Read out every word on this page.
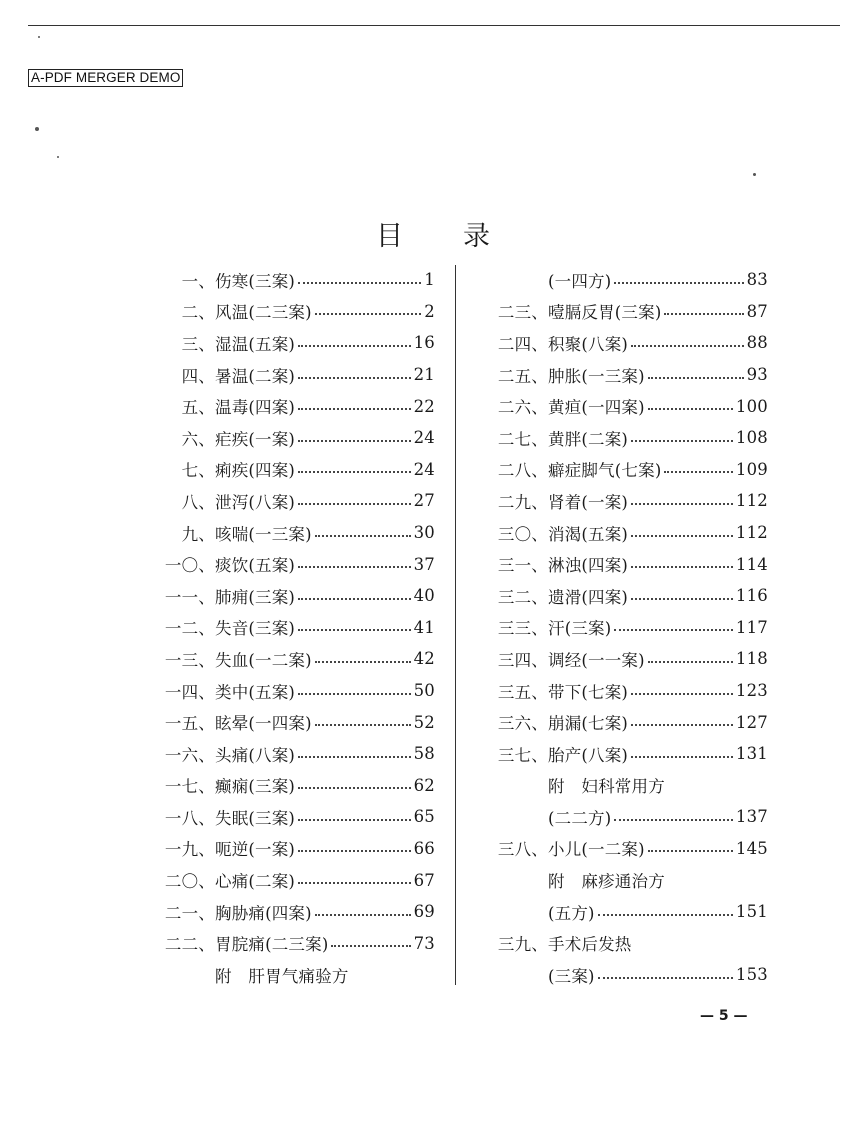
A-PDF MERGER DEMO
目录
一、 伤寒(三案)	1
二、 风温(二三案)	2
三、 湿温(五案)	16
四、 暑温(二案)	21
五、 温毒(四案)	22
六、 疟疾(一案)	24
七、 痢疾(四案)	24
八、 泄泻(八案)	27
九、 咳喘(一三案)	30
一〇、 痰饮(五案)	37
一一、 肺痈(三案)	40
一二、 失音(三案)	41
一三、 失血(一二案)	42
一四、 类中(五案)	50
一五、 眩晕(一四案)	52
一六、 头痛(八案)	58
一七、 癫痫(三案)	62
一八、 失眠(三案)	65
一九、 呃逆(一案)	66
二〇、 心痛(二案)	67
二一、 胸胁痛(四案)	69
二二、 胃脘痛(二三案)	73
附　肝胃气痛验方
(一四方)	83
二三、 噎膈反胃(三案)	87
二四、 积聚(八案)	88
二五、 肿胀(一三案)	93
二六、 黄疸(一四案)	100
二七、 黄胖(二案)	108
二八、 癖症脚气(七案)	109
二九、 肾着(一案)	112
三〇、 消渴(五案)	112
三一、 淋浊(四案)	114
三二、 遗滑(四案)	116
三三、 汗(三案)	117
三四、 调经(一一案)	118
三五、 带下(七案)	123
三六、 崩漏(七案)	127
三七、 胎产(八案)	131
附　妇科常用方
(二二方)	137
三八、 小儿(一二案)	145
附　麻疹通治方
(五方)	151
三九、 手术后发热
(三案)	153
— 5 —
